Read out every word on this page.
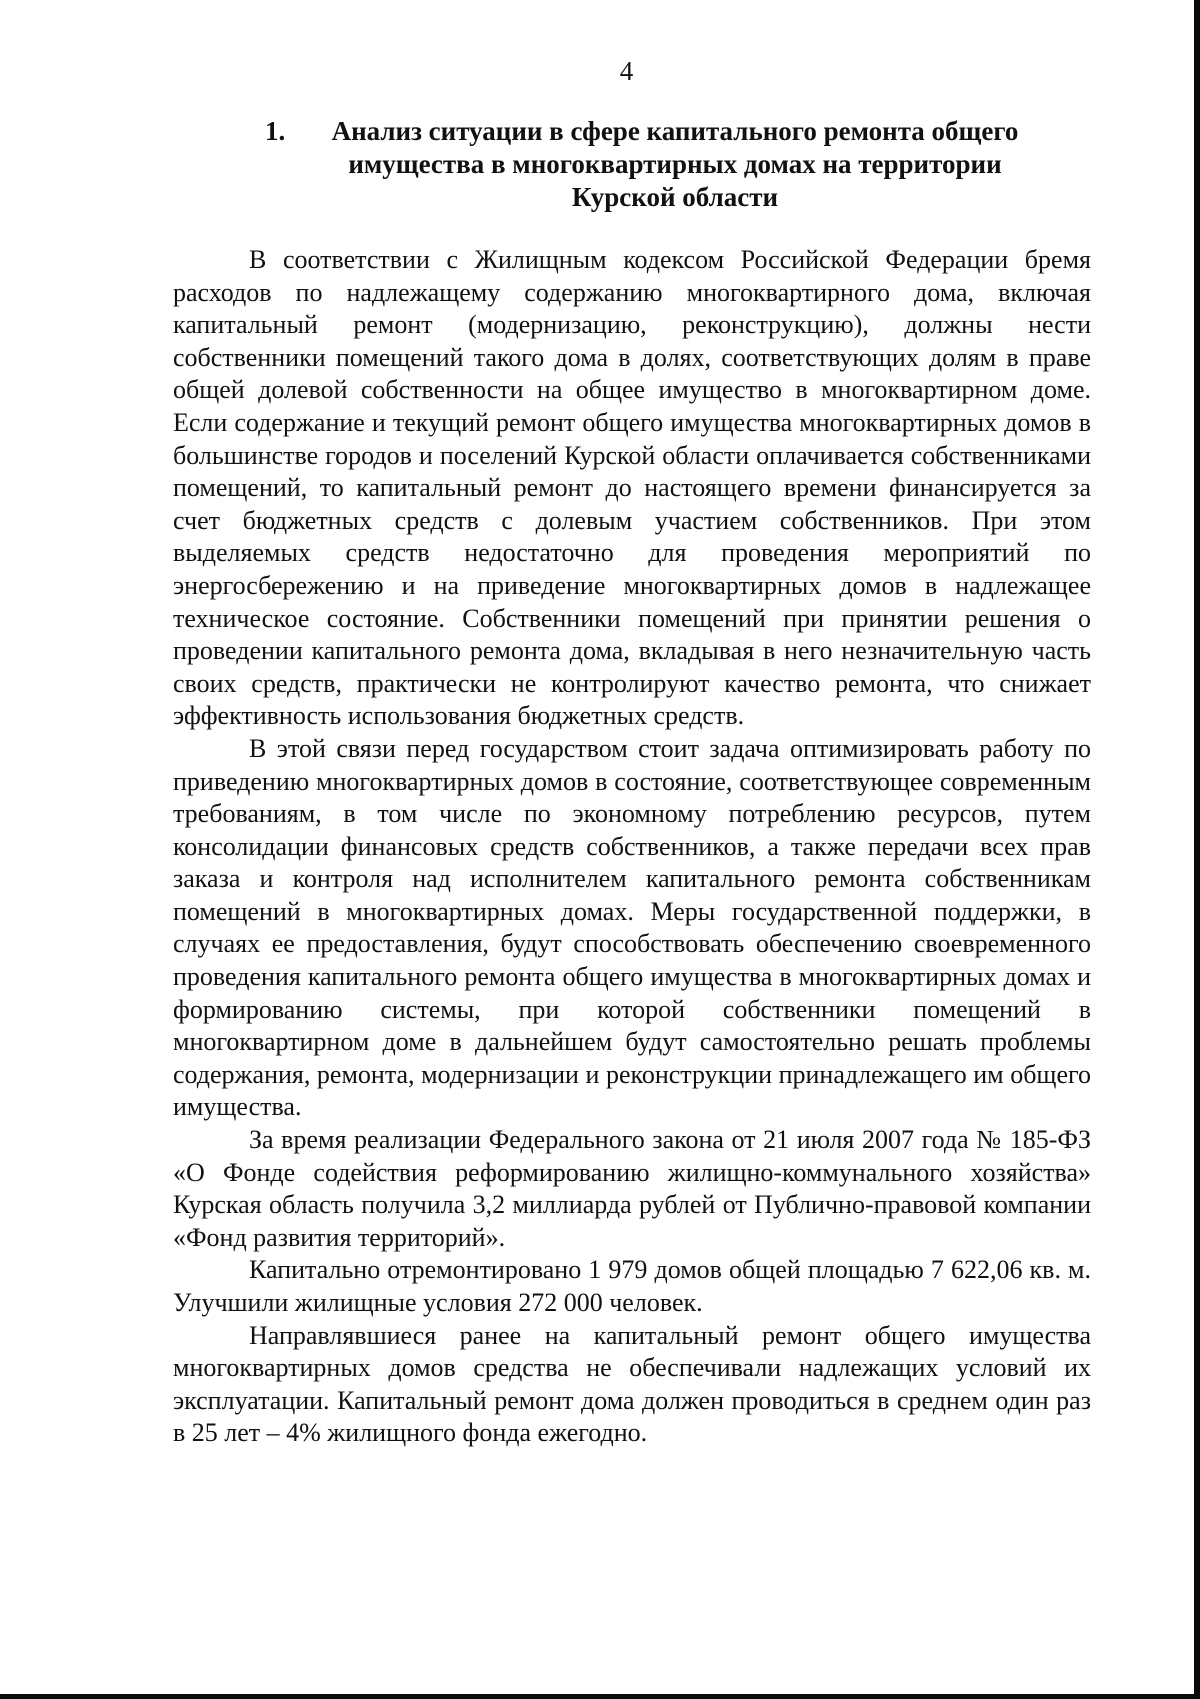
4
1.	Анализ ситуации в сфере капитального ремонта общего
имущества в многоквартирных домах на территории
Курской области

В соответствии с Жилищным кодексом Российской Федерации бремя расходов по надлежащему содержанию многоквартирного дома, включая капитальный ремонт (модернизацию, реконструкцию), должны нести собственники помещений такого дома в долях, соответствующих долям в праве общей долевой собственности на общее имущество в многоквартирном доме. Если содержание и текущий ремонт общего имущества многоквартирных домов в большинстве городов и поселений Курской области оплачивается собственниками помещений, то капитальный ремонт до настоящего времени финансируется за счет бюджетных средств с долевым участием собственников. При этом выделяемых средств недостаточно для проведения мероприятий по энергосбережению и на приведение многоквартирных домов в надлежащее техническое состояние. Собственники помещений при принятии решения о проведении капитального ремонта дома, вкладывая в него незначительную часть своих средств, практически не контролируют качество ремонта, что снижает эффективность использования бюджетных средств.

В этой связи перед государством стоит задача оптимизировать работу по приведению многоквартирных домов в состояние, соответствующее современным требованиям, в том числе по экономному потреблению ресурсов, путем консолидации финансовых средств собственников, а также передачи всех прав заказа и контроля над исполнителем капитального ремонта собственникам помещений в многоквартирных домах. Меры государственной поддержки, в случаях ее предоставления, будут способствовать обеспечению своевременного проведения капитального ремонта общего имущества в многоквартирных домах и формированию системы, при которой собственники помещений в многоквартирном доме в дальнейшем будут самостоятельно решать проблемы содержания, ремонта, модернизации и реконструкции принадлежащего им общего имущества.

За время реализации Федерального закона от 21 июля 2007 года № 185-ФЗ «О Фонде содействия реформированию жилищно-коммунального хозяйства» Курская область получила 3,2 миллиарда рублей от Публично-правовой компании «Фонд развития территорий».

Капитально отремонтировано 1 979 домов общей площадью 7 622,06 кв. м. Улучшили жилищные условия 272 000 человек.

Направлявшиеся ранее на капитальный ремонт общего имущества многоквартирных домов средства не обеспечивали надлежащих условий их эксплуатации. Капитальный ремонт дома должен проводиться в среднем один раз в 25 лет – 4% жилищного фонда ежегодно.
